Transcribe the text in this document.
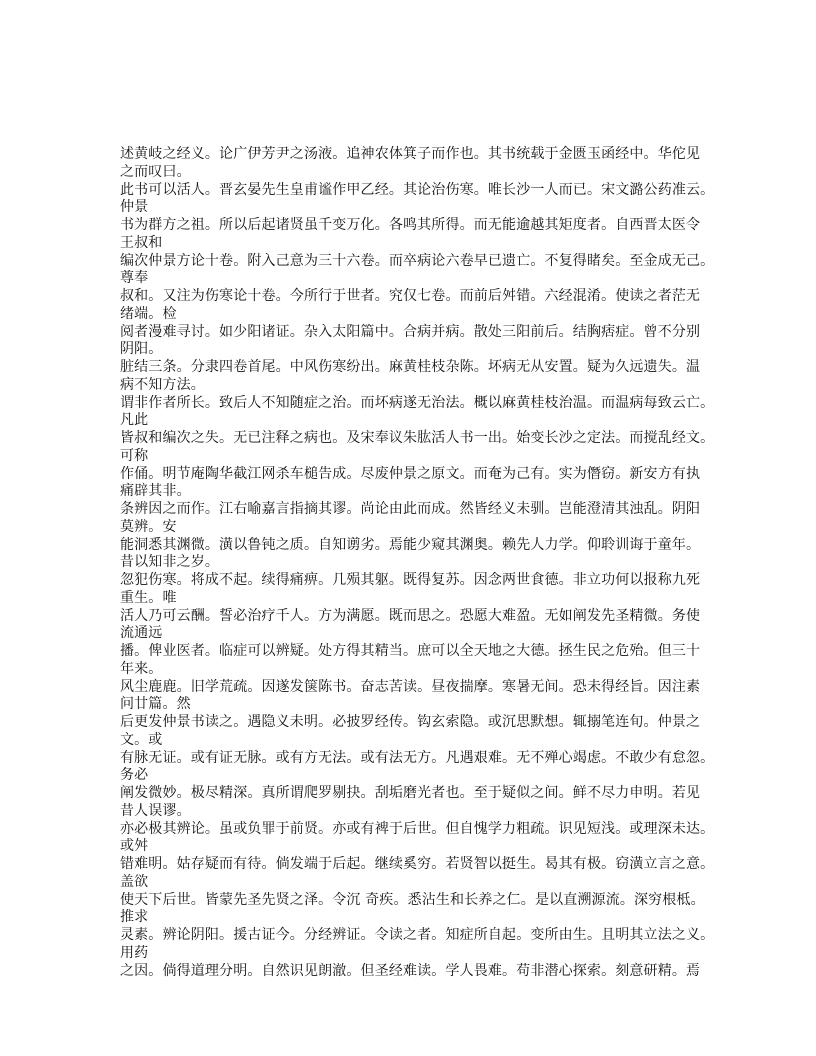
述黄岐之经义。论广伊芳尹之汤液。追神农体箕子而作也。其书统载于金匮玉函经中。华佗见
之而叹曰。
此书可以活人。晋玄晏先生皇甫谧作甲乙经。其论治伤寒。唯长沙一人而已。宋文潞公药准云。
仲景
书为群方之祖。所以后起诸贤虽千变万化。各鸣其所得。而无能逾越其矩度者。自西晋太医令
王叔和
编次仲景方论十卷。附入己意为三十六卷。而卒病论六卷早已遗亡。不复得睹矣。至金成无己。
尊奉
叔和。又注为伤寒论十卷。今所行于世者。究仅七卷。而前后舛错。六经混淆。使读之者茫无
绪端。检
阅者漫难寻讨。如少阳诸证。杂入太阳篇中。合病并病。散处三阳前后。结胸痞症。曾不分别
阴阳。
脏结三条。分隶四卷首尾。中风伤寒纷出。麻黄桂枝杂陈。坏病无从安置。疑为久远遗失。温
病不知方法。
谓非作者所长。致后人不知随症之治。而坏病遂无治法。概以麻黄桂枝治温。而温病每致云亡。
凡此
皆叔和编次之失。无已注释之病也。及宋奉议朱肱活人书一出。始变长沙之定法。而搅乱经文。
可称
作俑。明节庵陶华截江网杀车槌告成。尽废仲景之原文。而奄为己有。实为僭窃。新安方有执
痛辟其非。
条辨因之而作。江右喻嘉言指摘其谬。尚论由此而成。然皆经义未驯。岂能澄清其浊乱。阴阳
莫辨。安
能洞悉其渊微。潢以鲁钝之质。自知谫劣。焉能少窥其渊奥。赖先人力学。仰聆训诲于童年。
昔以知非之岁。
忽犯伤寒。将成不起。续得痛痹。几殒其躯。既得复苏。因念两世食德。非立功何以报称九死
重生。唯
活人乃可云酬。誓必治疗千人。方为满愿。既而思之。恐愿大难盈。无如阐发先圣精微。务使
流通远
播。俾业医者。临症可以辨疑。处方得其精当。庶可以全天地之大德。拯生民之危殆。但三十
年来。
风尘鹿鹿。旧学荒疏。因遂发箧陈书。奋志苦读。昼夜揣摩。寒暑无间。恐未得经旨。因注素
问廿篇。然
后更发仲景书读之。遇隐义未明。必披罗经传。钩玄索隐。或沉思默想。辄搦笔连旬。仲景之
文。或
有脉无证。或有证无脉。或有方无法。或有法无方。凡遇艰难。无不殚心竭虑。不敢少有怠忽。
务必
阐发微妙。极尽精深。真所谓爬罗剔抉。刮垢磨光者也。至于疑似之间。鲜不尽力申明。若见
昔人误谬。
亦必极其辨论。虽或负罪于前贤。亦或有裨于后世。但自愧学力粗疏。识见短浅。或理深未达。
或舛
错难明。姑存疑而有待。倘发端于后起。继续奚穷。若贤智以挺生。曷其有极。窃潢立言之意。
盖欲
使天下后世。皆蒙先圣先贤之泽。令沉 奇疾。悉沾生和长养之仁。是以直溯源流。深穷根柢。
推求
灵素。辨论阴阳。援古证今。分经辨证。令读之者。知症所自起。变所由生。且明其立法之义。
用药
之因。倘得道理分明。自然识见朗澈。但圣经难读。学人畏难。苟非潜心探索。刻意研精。焉
